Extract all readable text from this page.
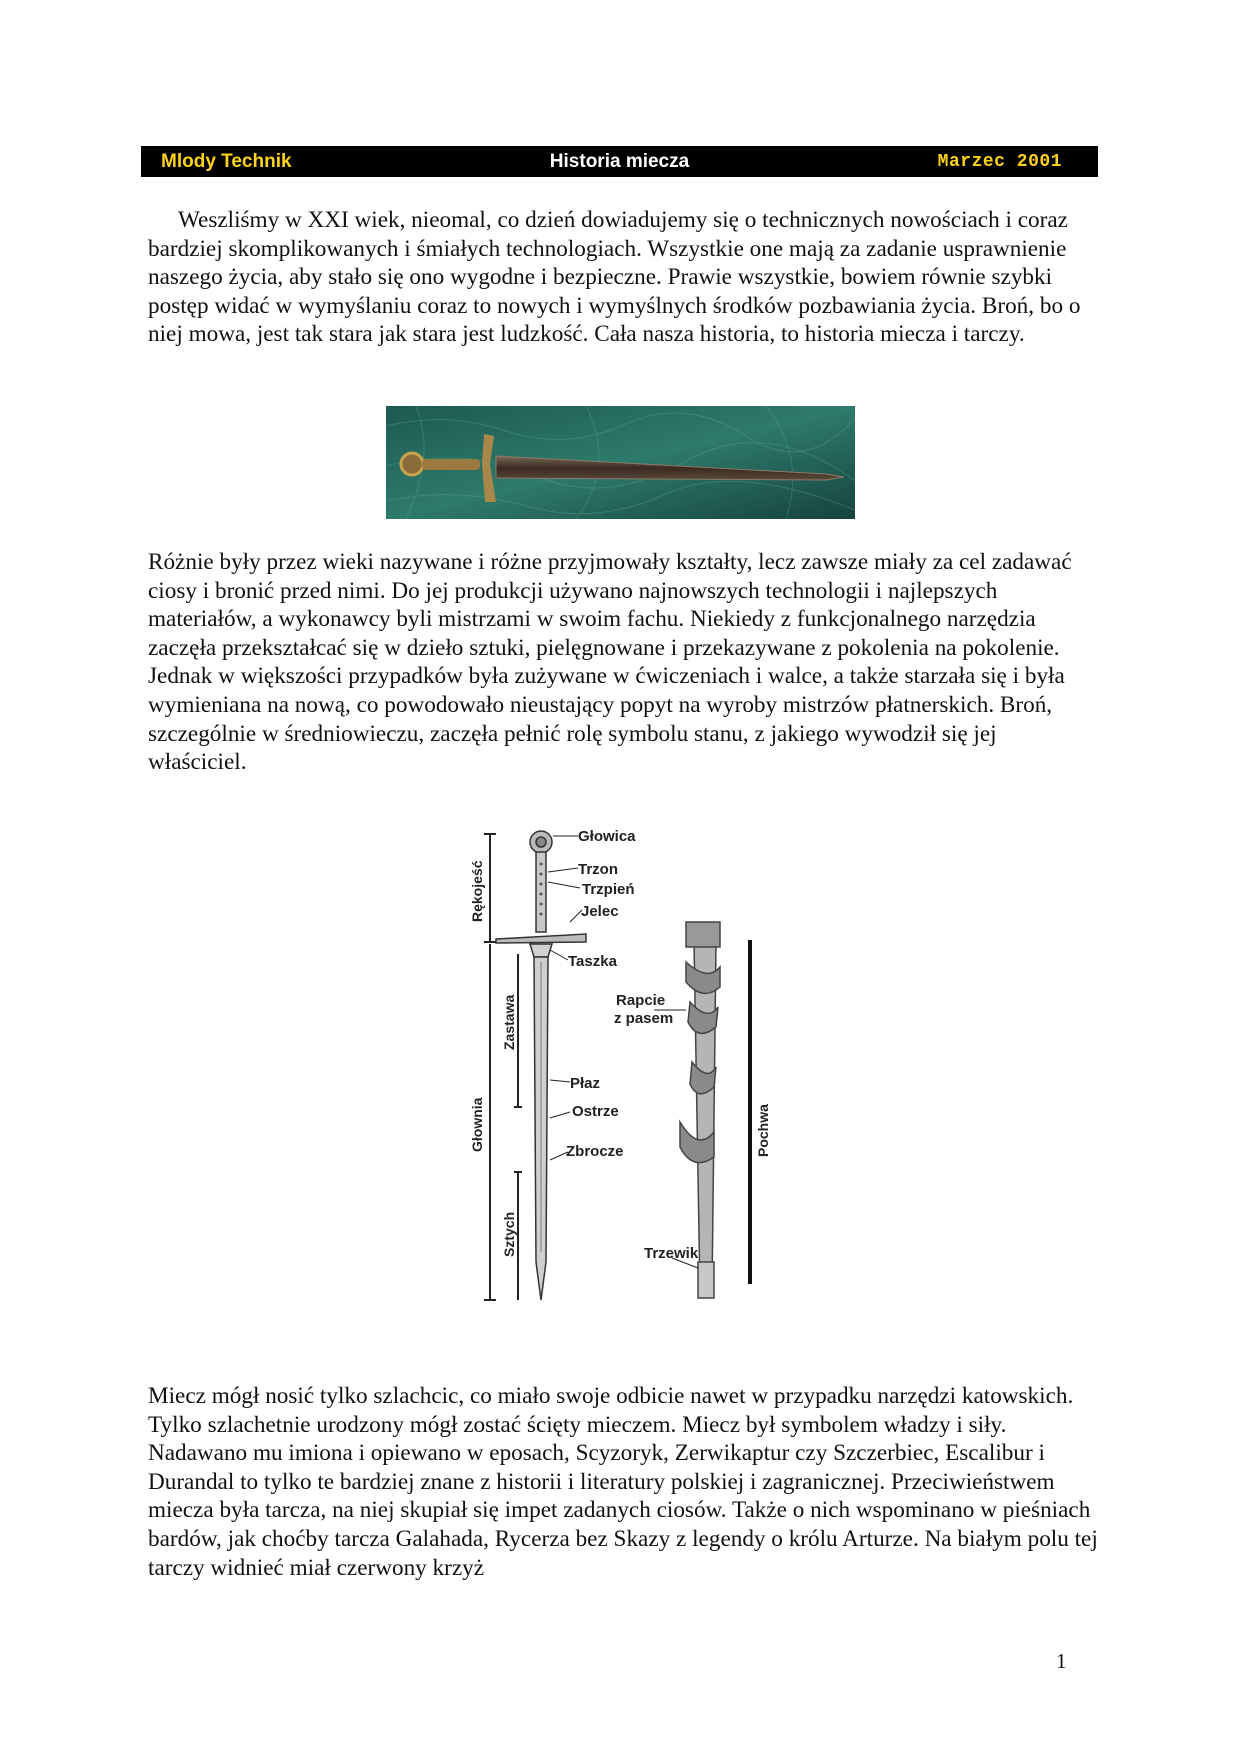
Mlody Technik	Historia miecza	Marzec 2001

Weszliśmy w XXI wiek, nieomal, co dzień dowiadujemy się o technicznych nowościach i coraz bardziej skomplikowanych i śmiałych technologiach. Wszystkie one mają za zadanie usprawnienie naszego życia, aby stało się ono wygodne i bezpieczne. Prawie wszystkie, bowiem równie szybki postęp widać w wymyślaniu coraz to nowych i wymyślnych środków pozbawiania życia. Broń, bo o niej mowa, jest tak stara jak stara jest ludzkość. Cała nasza historia, to historia miecza i tarczy.

Różnie były przez wieki nazywane i różne przyjmowały kształty, lecz zawsze miały za cel zadawać ciosy i bronić przed nimi. Do jej produkcji używano najnowszych technologii i najlepszych materiałów, a wykonawcy byli mistrzami w swoim fachu. Niekiedy z funkcjonalnego narzędzia zaczęła przekształcać się w dzieło sztuki, pielęgnowane i przekazywane z pokolenia na pokolenie. Jednak w większości przypadków była zużywane w ćwiczeniach i walce, a także starzała się i była wymieniana na nową, co powodowało nieustający popyt na wyroby mistrzów płatnerskich. Broń, szczególnie w średniowieczu, zaczęła pełnić rolę symbolu stanu, z jakiego wywodził się jej właściciel.

Głowica
Trzon
Trzpień
Jelec
Taszka
Rapcie
z pasem
Płaz
Ostrze
Zbrocze
Trzewik
Rękojeść
Zastawa
Głownia
Sztych
Pochwa

Miecz mógł nosić tylko szlachcic, co miało swoje odbicie nawet w przypadku narzędzi katowskich. Tylko szlachetnie urodzony mógł zostać ścięty mieczem. Miecz był symbolem władzy i siły. Nadawano mu imiona i opiewano w eposach, Scyzoryk, Zerwikaptur czy Szczerbiec, Escalibur i Durandal to tylko te bardziej znane z historii i literatury polskiej i zagranicznej. Przeciwieństwem miecza była tarcza, na niej skupiał się impet zadanych ciosów. Także o nich wspominano w pieśniach bardów, jak choćby tarcza Galahada, Rycerza bez Skazy z legendy o królu Arturze. Na białym polu tej tarczy widnieć miał czerwony krzyż

1
